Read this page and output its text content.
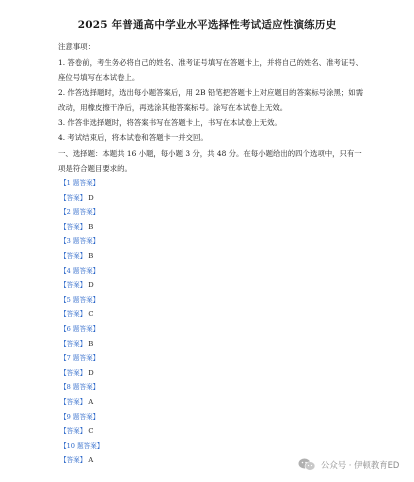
2025 年普通高中学业水平选择性考试适应性演练历史
注意事项：
1. 答卷前，考生务必将自己的姓名、准考证号填写在答题卡上，并将自己的姓名、准考证号、
座位号填写在本试卷上。
2. 作答选择题时，选出每小题答案后，用 2B 铅笔把答题卡上对应题目的答案标号涂黑；如需
改动，用橡皮擦干净后，再选涂其他答案标号。涂写在本试卷上无效。
3. 作答非选择题时，将答案书写在答题卡上，书写在本试卷上无效。
4. 考试结束后，将本试卷和答题卡一并交回。
一、选择题：本题共 16 小题，每小题 3 分，共 48 分。在每小题给出的四个选项中，只有一
项是符合题目要求的。
【1 题答案】
【答案】 D
【2 题答案】
【答案】 B
【3 题答案】
【答案】 B
【4 题答案】
【答案】 D
【5 题答案】
【答案】 C
【6 题答案】
【答案】 B
【7 题答案】
【答案】 D
【8 题答案】
【答案】 A
【9 题答案】
【答案】 C
【10 题答案】
【答案】 A	公众号 · 伊顿教育ED
